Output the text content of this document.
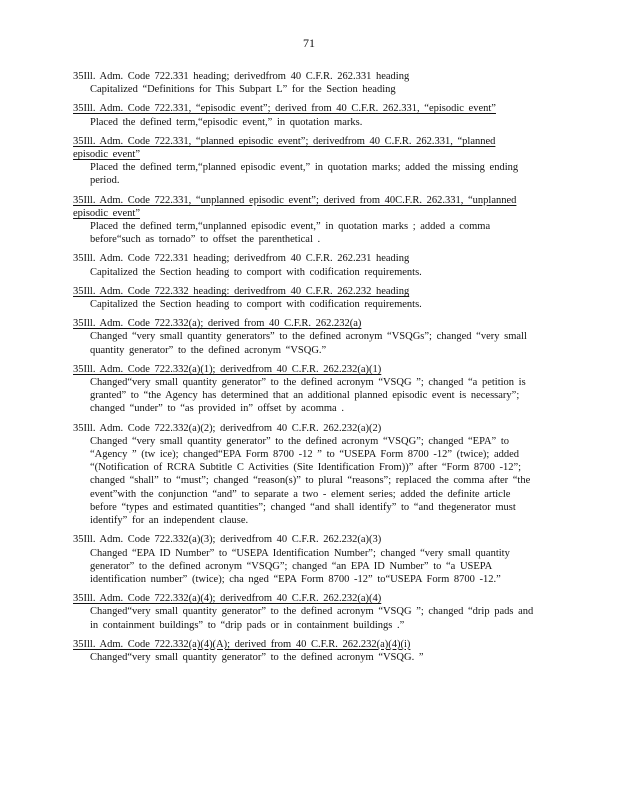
71
35Ill. Adm. Code 722.331 heading; derivedfrom 40 C.F.R. 262.331 heading
Capitalized “Definitions for This Subpart L” for the Section heading
35Ill. Adm. Code 722.331, “episodic event”; derived from 40 C.F.R. 262.331, “episodic event”
Placed the defined term,“episodic event,” in quotation marks.
35Ill. Adm. Code 722.331, “planned episodic event”; derivedfrom 40 C.F.R. 262.331, “planned episodic event”
Placed the defined term,“planned episodic event,” in quotation marks; added the missing ending period.
35Ill. Adm. Code 722.331, “unplanned episodic event”; derived from 40C.F.R. 262.331, “unplanned episodic event”
Placed the defined term,“unplanned episodic event,” in quotation marks ; added a comma before“such as tornado” to offset the parenthetical .
35Ill. Adm. Code 722.331 heading; derivedfrom 40 C.F.R. 262.231 heading
Capitalized the Section heading to comport with codification requirements.
35Ill. Adm. Code 722.332 heading: derivedfrom 40 C.F.R. 262.232 heading
Capitalized the Section heading to comport with codification requirements.
35Ill. Adm. Code 722.332(a); derived from 40 C.F.R. 262.232(a)
Changed “very small quantity generators” to the defined acronym “VSQGs”; changed “very small quantity generator” to the defined acronym “VSQG.”
35Ill. Adm. Code 722.332(a)(1); derivedfrom 40 C.F.R. 262.232(a)(1)
Changed“very small quantity generator” to the defined acronym “VSQG ”; changed “a petition is granted” to “the Agency has determined that an additional planned episodic event is necessary”; changed “under” to “as provided in” offset by acomma .
35Ill. Adm. Code 722.332(a)(2); derivedfrom 40 C.F.R. 262.232(a)(2)
Changed “very small quantity generator” to the defined acronym “VSQG”; changed “EPA” to “Agency ” (tw ice); changed“EPA Form 8700 -12 ” to “USEPA Form 8700 -12” (twice); added “(Notification of RCRA Subtitle C Activities (Site Identification From))” after “Form 8700 -12”; changed “shall” to “must”; changed “reason(s)” to plural “reasons”; replaced the comma after “the event”with the conjunction “and” to separate a two - element series; added the definite article before “types and estimated quantities”; changed “and shall identify” to “and thegenerator must identify” for an independent clause.
35Ill. Adm. Code 722.332(a)(3); derivedfrom 40 C.F.R. 262.232(a)(3)
Changed “EPA ID Number” to “USEPA Identification Number”; changed “very small quantity generator” to the defined acronym “VSQG”; changed “an EPA ID Number” to “a USEPA identification number” (twice); cha nged “EPA Form 8700 -12” to“USEPA Form 8700 -12.”
35Ill. Adm. Code 722.332(a)(4); derivedfrom 40 C.F.R. 262.232(a)(4)
Changed“very small quantity generator” to the defined acronym “VSQG ”; changed “drip pads and in containment buildings” to “drip pads or in containment buildings .”
35Ill. Adm. Code 722.332(a)(4)(A); derived from 40 C.F.R. 262.232(a)(4)(i)
Changed“very small quantity generator” to the defined acronym “VSQG. ”
